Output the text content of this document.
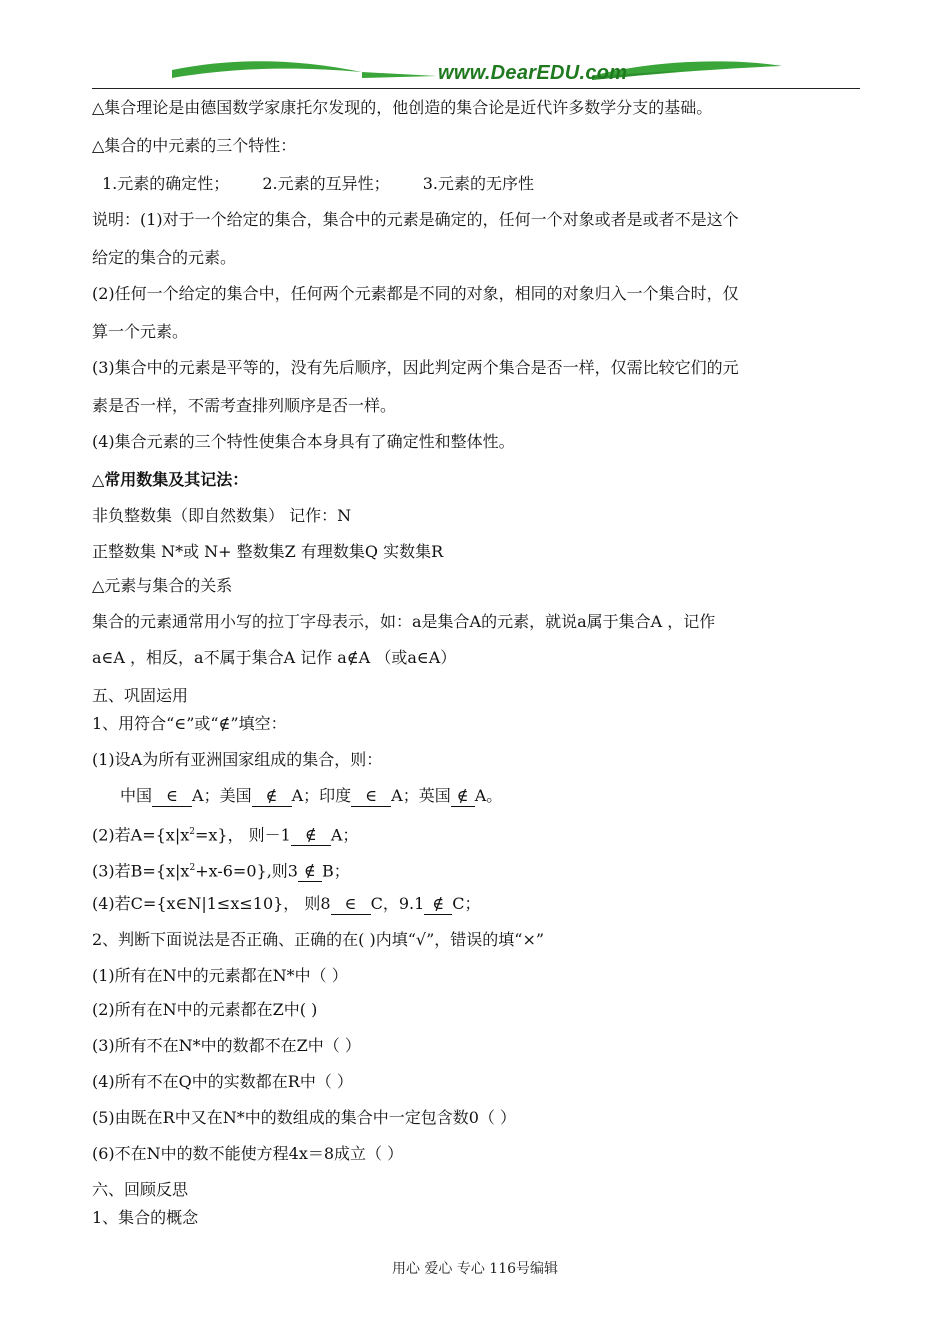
www.DearEDU.com
△集合理论是由德国数学家康托尔发现的，他创造的集合论是近代许多数学分支的基础。
△集合的中元素的三个特性：
1.元素的确定性； 2.元素的互异性； 3.元素的无序性
说明：(1)对于一个给定的集合，集合中的元素是确定的，任何一个对象或者是或者不是这个
给定的集合的元素。
(2)任何一个给定的集合中，任何两个元素都是不同的对象，相同的对象归入一个集合时，仅
算一个元素。
(3)集合中的元素是平等的，没有先后顺序，因此判定两个集合是否一样，仅需比较它们的元
素是否一样，不需考查排列顺序是否一样。
(4)集合元素的三个特性使集合本身具有了确定性和整体性。
△常用数集及其记法：
非负整数集（即自然数集） 记作：N
正整数集 N*或 N+ 整数集Z 有理数集Q 实数集R
△元素与集合的关系
集合的元素通常用小写的拉丁字母表示，如：a是集合A的元素，就说a属于集合A ，记作
a∈A ，相反，a不属于集合A 记作 a∉A （或a∈A）
五、巩固运用
1、用符合“∈”或“∉”填空：
(1)设A为所有亚洲国家组成的集合，则：
中国 ∈ A；美国 ∉ A；印度 ∈ A；英国 ∉ A。
(2)若$A=\{x|x^2=x\}$， 则－1 ∉ A；
(3)若$B=\{x|x^2+x-6=0\}$,则3 ∉ B；
(4)若C={x∈N|1≤x≤10}， 则8 ∈ C，9.1 ∉ C；
2、判断下面说法是否正确、正确的在( )内填“√”，错误的填“×”
(1)所有在N中的元素都在N*中（ ）
(2)所有在N中的元素都在Z中( )
(3)所有不在N*中的数都不在Z中（ ）
(4)所有不在Q中的实数都在R中（ ）
(5)由既在R中又在N*中的数组成的集合中一定包含数0（ ）
(6)不在N中的数不能使方程4x＝8成立（ ）
六、回顾反思
1、集合的概念
用心 爱心 专心 116号编辑
